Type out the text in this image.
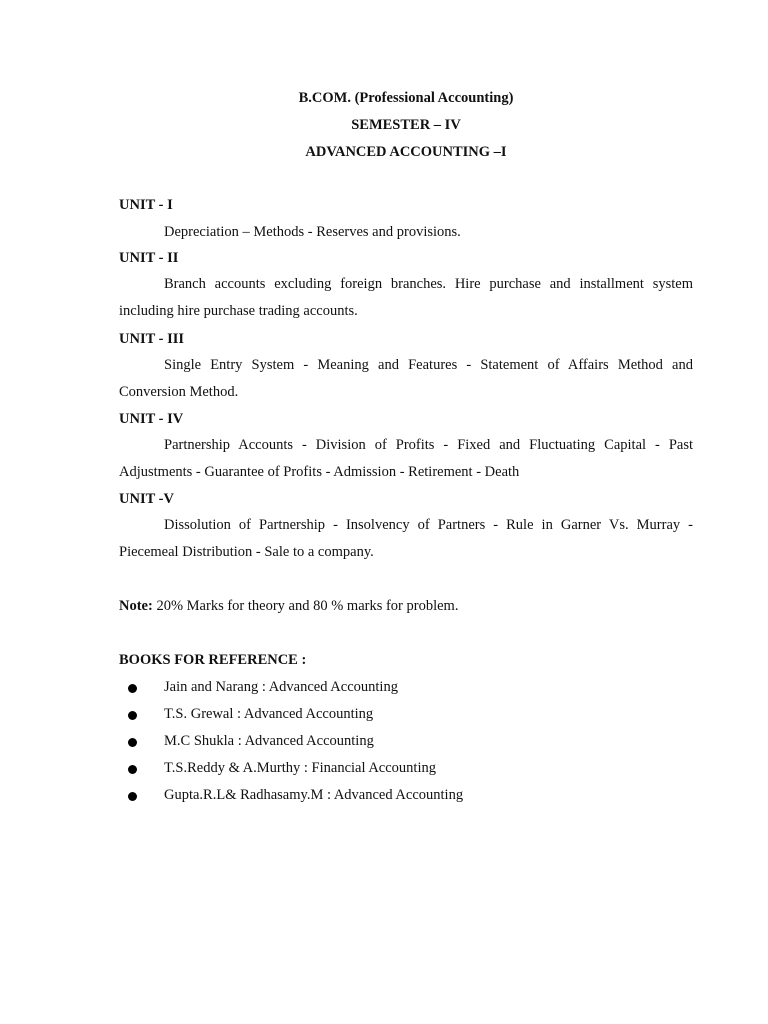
B.COM. (Professional Accounting)
SEMESTER – IV
ADVANCED ACCOUNTING –I
UNIT - I
Depreciation – Methods - Reserves and provisions.
UNIT - II
Branch accounts excluding foreign branches. Hire purchase and installment system including hire purchase trading accounts.
UNIT - III
Single Entry System - Meaning and Features - Statement of Affairs Method and Conversion Method.
UNIT - IV
Partnership Accounts - Division of Profits - Fixed and Fluctuating Capital - Past Adjustments - Guarantee of Profits - Admission - Retirement - Death
UNIT -V
Dissolution of Partnership - Insolvency of Partners - Rule in Garner Vs. Murray - Piecemeal Distribution - Sale to a company.
Note: 20% Marks for theory and 80 % marks for problem.
BOOKS FOR REFERENCE :
Jain and Narang : Advanced Accounting
T.S. Grewal : Advanced Accounting
M.C Shukla : Advanced Accounting
T.S.Reddy & A.Murthy : Financial Accounting
Gupta.R.L& Radhasamy.M : Advanced Accounting
